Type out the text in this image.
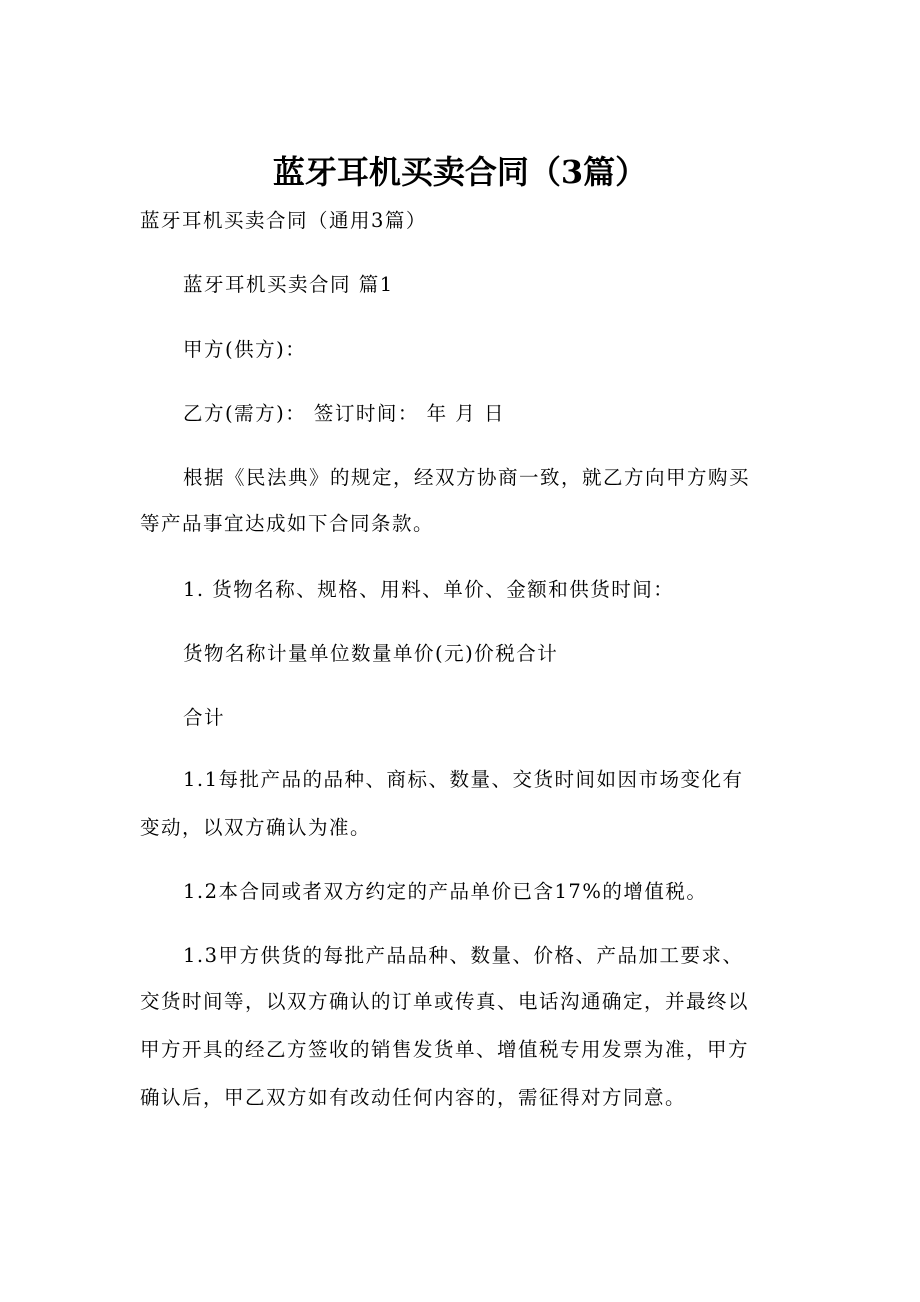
蓝牙耳机买卖合同（3篇）
蓝牙耳机买卖合同（通用3篇）
蓝牙耳机买卖合同 篇1
甲方(供方)：
乙方(需方)： 签订时间： 年 月 日
根据《民法典》的规定，经双方协商一致，就乙方向甲方购买
等产品事宜达成如下合同条款。
1. 货物名称、规格、用料、单价、金额和供货时间：
货物名称计量单位数量单价(元)价税合计
合计
1.1每批产品的品种、商标、数量、交货时间如因市场变化有
变动，以双方确认为准。
1.2本合同或者双方约定的产品单价已含17%的增值税。
1.3甲方供货的每批产品品种、数量、价格、产品加工要求、
交货时间等，以双方确认的订单或传真、电话沟通确定，并最终以
甲方开具的经乙方签收的销售发货单、增值税专用发票为准，甲方
确认后，甲乙双方如有改动任何内容的，需征得对方同意。
